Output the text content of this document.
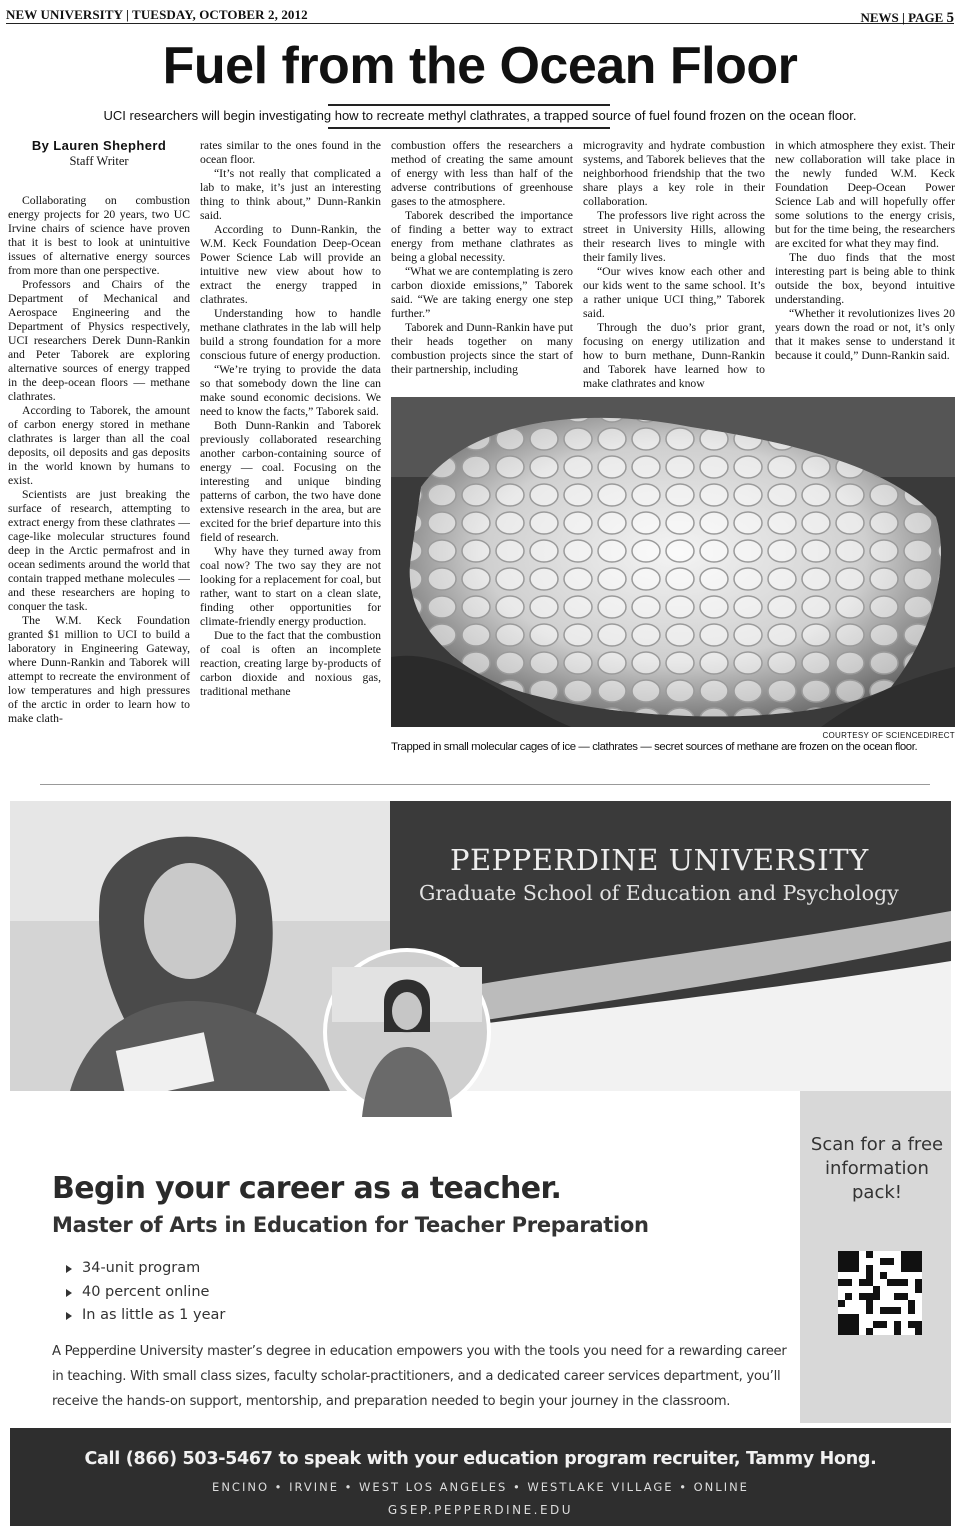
NEW UNIVERSITY | TUESDAY, OCTOBER 2, 2012	NEWS | PAGE 5
Fuel from the Ocean Floor
UCI researchers will begin investigating how to recreate methyl clathrates, a trapped source of fuel found frozen on the ocean floor.
By Lauren Shepherd
Staff Writer

Collaborating on combustion energy projects for 20 years, two UC Irvine chairs of science have proven that it is best to look at unintuitive issues of alternative energy sources from more than one perspective.

Professors and Chairs of the Department of Mechanical and Aerospace Engineering and the Department of Physics respectively, UCI researchers Derek Dunn-Rankin and Peter Taborek are exploring alternative sources of energy trapped in the deep-ocean floors — methane clathrates.

According to Taborek, the amount of carbon energy stored in methane clathrates is larger than all the coal deposits, oil deposits and gas deposits in the world known by humans to exist.

Scientists are just breaking the surface of research, attempting to extract energy from these clathrates — cage-like molecular structures found deep in the Arctic permafrost and in ocean sediments around the world that contain trapped methane molecules — and these researchers are hoping to conquer the task.

The W.M. Keck Foundation granted $1 million to UCI to build a laboratory in Engineering Gateway, where Dunn-Rankin and Taborek will attempt to recreate the environment of low temperatures and high pressures of the arctic in order to learn how to make clath-

rates similar to the ones found in the ocean floor.

“It’s not really that complicated a lab to make, it’s just an interesting thing to think about,” Dunn-Rankin said.

According to Dunn-Rankin, the W.M. Keck Foundation Deep-Ocean Power Science Lab will provide an intuitive new view about how to extract the energy trapped in clathrates.

Understanding how to handle methane clathrates in the lab will help build a strong foundation for a more conscious future of energy production.

“We’re trying to provide the data so that somebody down the line can make sound economic decisions. We need to know the facts,” Taborek said.

Both Dunn-Rankin and Taborek previously collaborated researching another carbon-containing source of energy — coal. Focusing on the interesting and unique binding patterns of carbon, the two have done extensive research in the area, but are excited for the brief departure into this field of research.

Why have they turned away from coal now? The two say they are not looking for a replacement for coal, but rather, want to start on a clean slate, finding other opportunities for climate-friendly energy production.

Due to the fact that the combustion of coal is often an incomplete reaction, creating large by-products of carbon dioxide and noxious gas, traditional methane

combustion offers the researchers a method of creating the same amount of energy with less than half of the adverse contributions of greenhouse gases to the atmosphere.

Taborek described the importance of finding a better way to extract energy from methane clathrates as being a global necessity.

“What we are contemplating is zero carbon dioxide emissions,” Taborek said. “We are taking energy one step further.”

Taborek and Dunn-Rankin have put their heads together on many combustion projects since the start of their partnership, including

microgravity and hydrate combustion systems, and Taborek believes that the neighborhood friendship that the two share plays a key role in their collaboration.

The professors live right across the street in University Hills, allowing their research lives to mingle with their family lives.

“Our wives know each other and our kids went to the same school. It’s a rather unique UCI thing,” Taborek said.

Through the duo’s prior grant, focusing on energy utilization and how to burn methane, Dunn-Rankin and Taborek have learned how to make clathrates and know

in which atmosphere they exist. Their new collaboration will take place in the newly funded W.M. Keck Foundation Deep-Ocean Power Science Lab and will hopefully offer some solutions to the energy crisis, but for the time being, the researchers are excited for what they may find.

The duo finds that the most interesting part is being able to think outside the box, beyond intuitive understanding.

“Whether it revolutionizes lives 20 years down the road or not, it’s only that it makes sense to understand it because it could,” Dunn-Rankin said.

COURTESY OF SCIENCEDIRECT
Trapped in small molecular cages of ice — clathrates — secret sources of methane are frozen on the ocean floor.
PEPPERDINE UNIVERSITY
Graduate School of Education and Psychology
Scan for a free information pack!
Begin your career as a teacher.
Master of Arts in Education for Teacher Preparation
34-unit program
40 percent online
In as little as 1 year
A Pepperdine University master’s degree in education empowers you with the tools you need for a rewarding career in teaching. With small class sizes, faculty scholar-practitioners, and a dedicated career services department, you’ll receive the hands-on support, mentorship, and preparation needed to begin your journey in the classroom.
Call (866) 503-5467 to speak with your education program recruiter, Tammy Hong.
ENCINO • IRVINE • WEST LOS ANGELES • WESTLAKE VILLAGE • ONLINE
GSEP.PEPPERDINE.EDU
